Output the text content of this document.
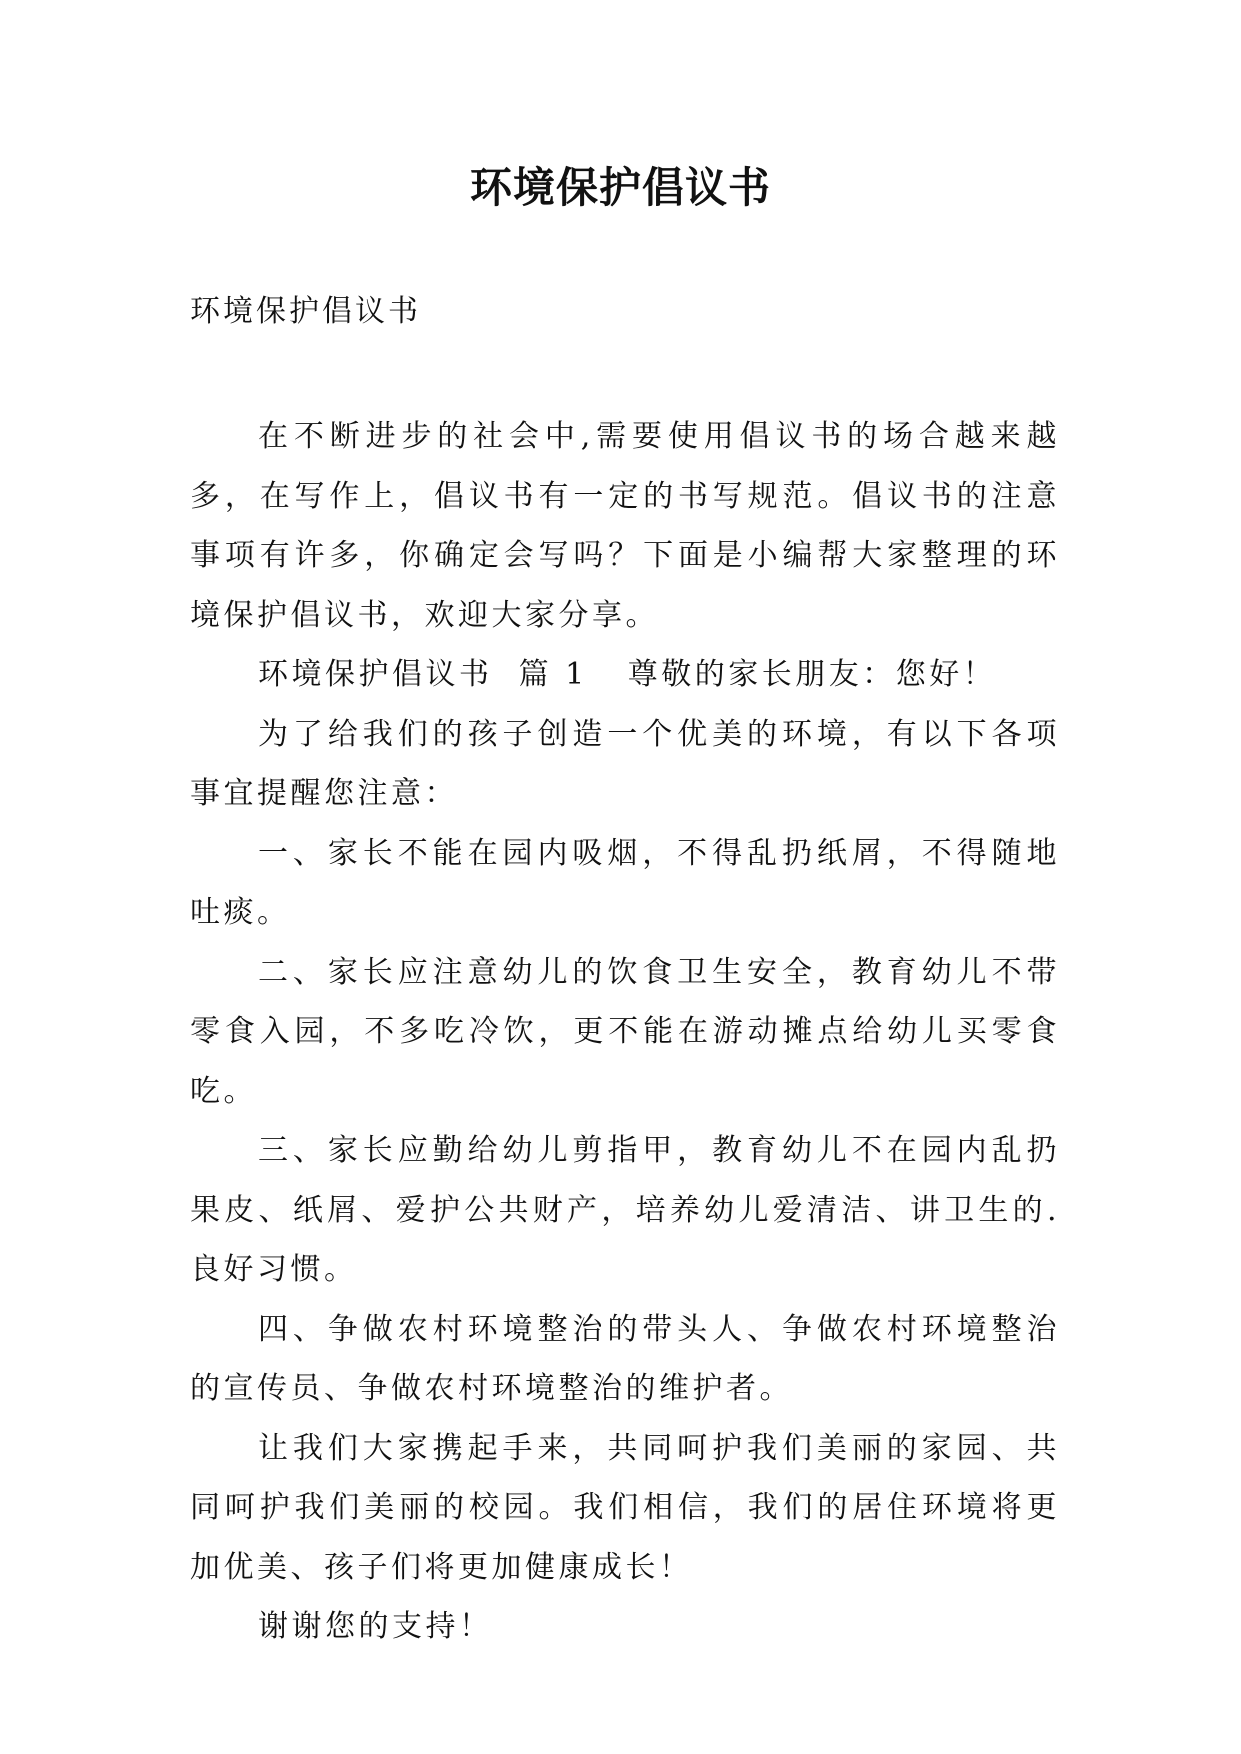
环境保护倡议书
环境保护倡议书

在不断进步的社会中,需要使用倡议书的场合越来越多，在写作上，倡议书有一定的书写规范。倡议书的注意事项有许多，你确定会写吗？下面是小编帮大家整理的环境保护倡议书，欢迎大家分享。

环境保护倡议书  篇 1 尊敬的家长朋友：您好！

为了给我们的孩子创造一个优美的环境，有以下各项事宜提醒您注意：

一、家长不能在园内吸烟，不得乱扔纸屑，不得随地吐痰。

二、家长应注意幼儿的饮食卫生安全，教育幼儿不带零食入园，不多吃冷饮，更不能在游动摊点给幼儿买零食吃。

三、家长应勤给幼儿剪指甲，教育幼儿不在园内乱扔果皮、纸屑、爱护公共财产，培养幼儿爱清洁、讲卫生的.良好习惯。

四、争做农村环境整治的带头人、争做农村环境整治的宣传员、争做农村环境整治的维护者。

让我们大家携起手来，共同呵护我们美丽的家园、共同呵护我们美丽的校园。我们相信，我们的居住环境将更加优美、孩子们将更加健康成长！

谢谢您的支持！
